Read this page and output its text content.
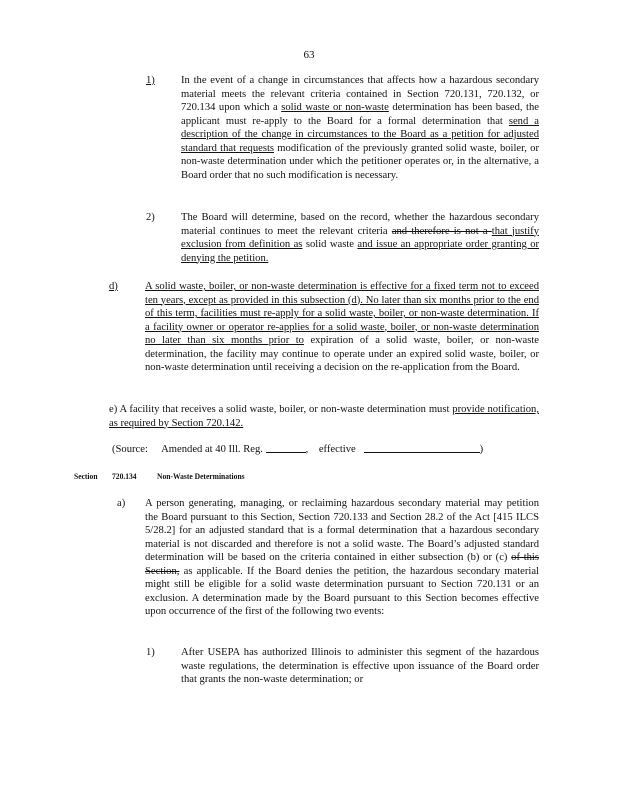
63
1) In the event of a change in circumstances that affects how a hazardous secondary material meets the relevant criteria contained in Section 720.131, 720.132, or 720.134 upon which a solid waste or non-waste determination has been based, the applicant must re-apply to the Board for a formal determination that send a description of the change in circumstances to the Board as a petition for adjusted standard that requests modification of the previously granted solid waste, boiler, or non-waste determination under which the petitioner operates or, in the alternative, a Board order that no such modification is necessary.
2) The Board will determine, based on the record, whether the hazardous secondary material continues to meet the relevant criteria and therefore is not a that justify exclusion from definition as solid waste and issue an appropriate order granting or denying the petition.
d)	A solid waste, boiler, or non-waste determination is effective for a fixed term not to exceed ten years, except as provided in this subsection (d). No later than six months prior to the end of this term, facilities must re-apply for a solid waste, boiler, or non-waste determination. If a facility owner or operator re-applies for a solid waste, boiler, or non-waste determination no later than six months prior to expiration of a solid waste, boiler, or non-waste determination, the facility may continue to operate under an expired solid waste, boiler, or non-waste determination until receiving a decision on the re-application from the Board.
e) A facility that receives a solid waste, boiler, or non-waste determination must provide notification, as required by Section 720.142.
(Source: Amended at 40 Ill. Reg.	, effective	)
Section 720.134 Non-Waste Determinations
a) A person generating, managing, or reclaiming hazardous secondary material may petition the Board pursuant to this Section, Section 720.133 and Section 28.2 of the Act [415 ILCS 5/28.2] for an adjusted standard that is a formal determination that a hazardous secondary material is not discarded and therefore is not a solid waste. The Board’s adjusted standard determination will be based on the criteria contained in either subsection (b) or (c) of this Section, as applicable. If the Board denies the petition, the hazardous secondary material might still be eligible for a solid waste determination pursuant to Section 720.131 or an exclusion. A determination made by the Board pursuant to this Section becomes effective upon occurrence of the first of the following two events:
1) After USEPA has authorized Illinois to administer this segment of the hazardous waste regulations, the determination is effective upon issuance of the Board order that grants the non-waste determination; or
